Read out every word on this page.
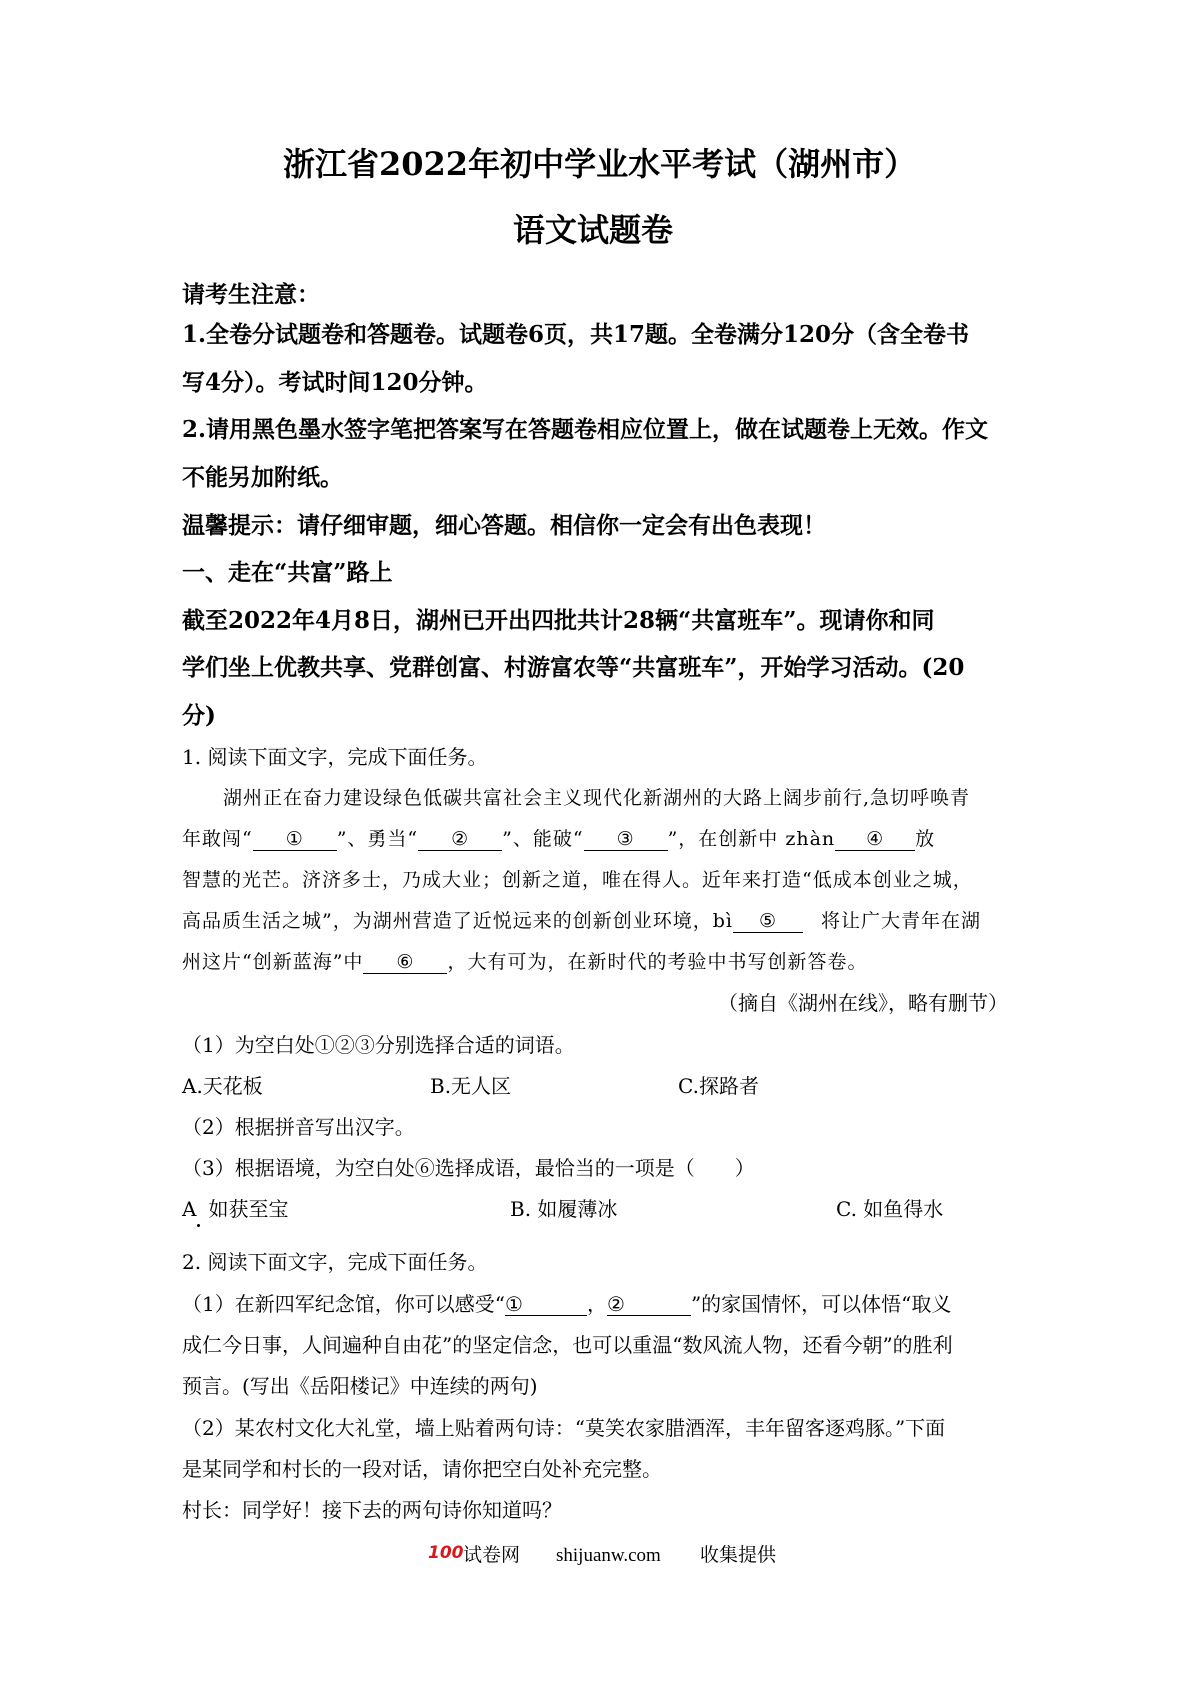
浙江省2022年初中学业水平考试（湖州市）
语文试题卷
请考生注意：
1.全卷分试题卷和答题卷。试题卷6页，共17题。全卷满分120分（含全卷书
写4分）。考试时间120分钟。
2.请用黑色墨水签字笔把答案写在答题卷相应位置上，做在试题卷上无效。作文
不能另加附纸。
温馨提示：请仔细审题，细心答题。相信你一定会有出色表现！
一、走在“共富”路上
截至2022年4月8日，湖州已开出四批共计28辆“共富班车”。现请你和同
学们坐上优教共享、党群创富、村游富农等“共富班车”，开始学习活动。(20
分)
1. 阅读下面文字，完成下面任务。
湖州正在奋力建设绿色低碳共富社会主义现代化新湖州的大路上阔步前行,急切呼唤青
年敢闯“ ① ”、勇当“ ② ”、能破“ ③ ”，在创新中 zhàn ④ 放
智慧的光芒。济济多士，乃成大业；创新之道，唯在得人。近年来打造“低成本创业之城，
高品质生活之城”，为湖州营造了近悦远来的创新创业环境，bì ⑤ 将让广大青年在湖
州这片“创新蓝海”中 ⑥ ，大有可为，在新时代的考验中书写创新答卷。
（摘自《湖州在线》，略有删节）
（1）为空白处①②③分别选择合适的词语。
A.天花板	B.无人区	C.探路者
（2）根据拼音写出汉字。
（3）根据语境，为空白处⑥选择成语，最恰当的一项是（　　）
A 如获至宝	B. 如履薄冰	C. 如鱼得水
2. 阅读下面文字，完成下面任务。
（1）在新四军纪念馆，你可以感受“①	，②	”的家国情怀，可以体悟“取义
成仁今日事，人间遍种自由花”的坚定信念，也可以重温“数风流人物，还看今朝”的胜利
预言。(写出《岳阳楼记》中连续的两句)
（2）某农村文化大礼堂，墙上贴着两句诗：“莫笑农家腊酒浑，丰年留客逐鸡豚。”下面
是某同学和村长的一段对话，请你把空白处补充完整。
村长：同学好！接下去的两句诗你知道吗？
100 试卷网 shijuanw.com 收集提供
